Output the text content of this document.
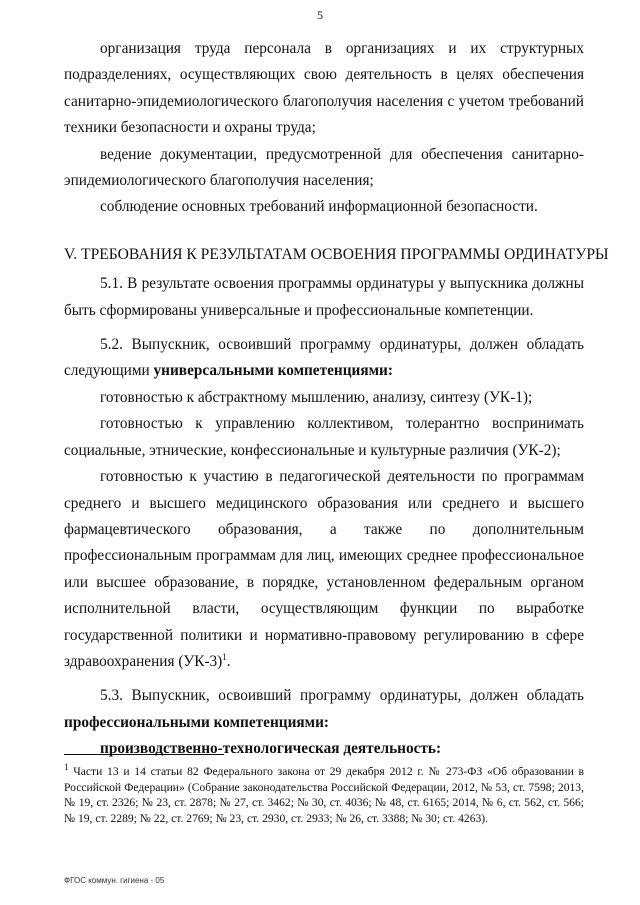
5

организация труда персонала в организациях и их структурных подразделениях, осуществляющих свою деятельность в целях обеспечения санитарно-эпидемиологического благополучия населения с учетом требований техники безопасности и охраны труда;

ведение документации, предусмотренной для обеспечения санитарно-эпидемиологического благополучия населения;

соблюдение основных требований информационной безопасности.

V. ТРЕБОВАНИЯ К РЕЗУЛЬТАТАМ ОСВОЕНИЯ ПРОГРАММЫ ОРДИНАТУРЫ

5.1. В результате освоения программы ординатуры у выпускника должны быть сформированы универсальные и профессиональные компетенции.

5.2. Выпускник, освоивший программу ординатуры, должен обладать следующими универсальными компетенциями:

готовностью к абстрактному мышлению, анализу, синтезу (УК-1);

готовностью к управлению коллективом, толерантно воспринимать социальные, этнические, конфессиональные и культурные различия (УК-2);

готовностью к участию в педагогической деятельности по программам среднего и высшего медицинского образования или среднего и высшего фармацевтического образования, а также по дополнительным профессиональным программам для лиц, имеющих среднее профессиональное или высшее образование, в порядке, установленном федеральным органом исполнительной власти, осуществляющим функции по выработке государственной политики и нормативно-правовому регулированию в сфере здравоохранения $(УК-3)^1$.

5.3. Выпускник, освоивший программу ординатуры, должен обладать профессиональными компетенциями:

производственно-технологическая деятельность:

$^1$ Части 13 и 14 статьи 82 Федерального закона от 29 декабря 2012 г. № 273-ФЗ «Об образовании в Российской Федерации» (Собрание законодательства Российской Федерации, 2012, № 53, ст. 7598; 2013, № 19, ст. 2326; № 23, ст. 2878; № 27, ст. 3462; № 30, ст. 4036; № 48, ст. 6165; 2014, № 6, ст. 562, ст. 566; № 19, ст. 2289; № 22, ст. 2769; № 23, ст. 2930, ст. 2933; № 26, ст. 3388; № 30; ст. 4263).

ФГОС коммун. гигиена - 05
